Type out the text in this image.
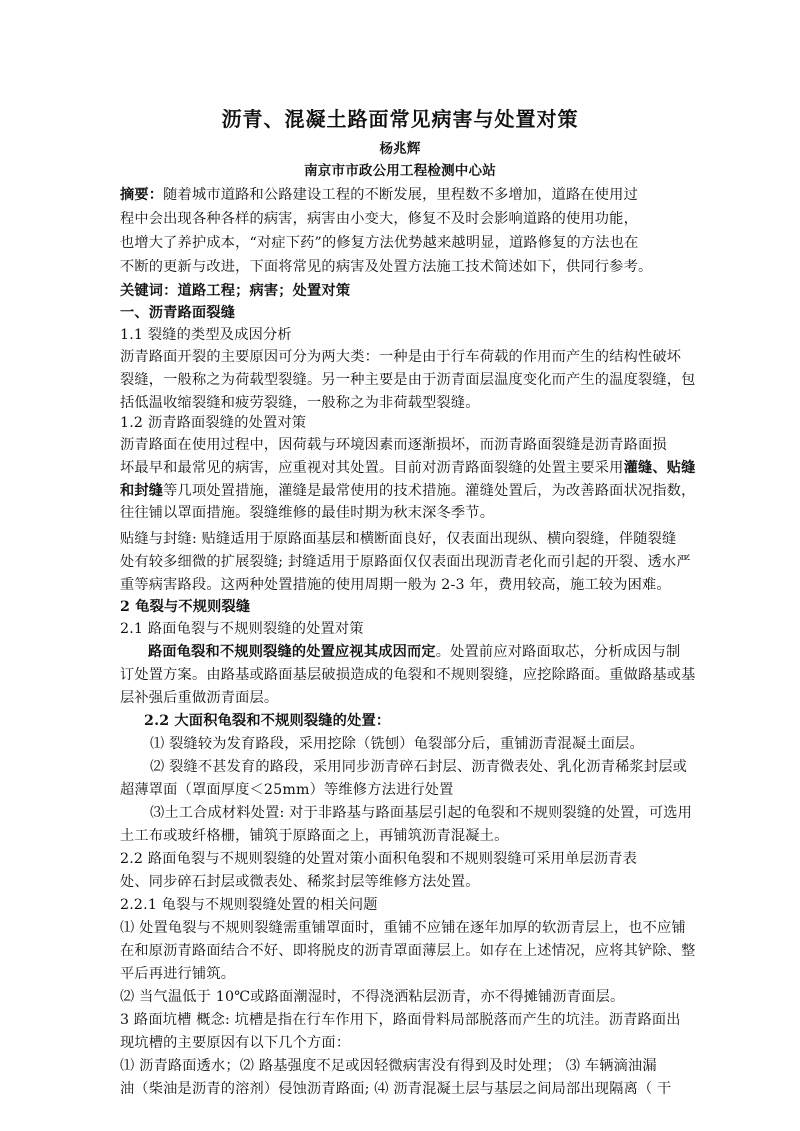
沥青、混凝土路面常见病害与处置对策
杨兆辉
南京市市政公用工程检测中心站
摘要：随着城市道路和公路建设工程的不断发展，里程数不多增加，道路在使用过
程中会出现各种各样的病害，病害由小变大，修复不及时会影响道路的使用功能，
也增大了养护成本，“对症下药”的修复方法优势越来越明显，道路修复的方法也在
不断的更新与改进，下面将常见的病害及处置方法施工技术简述如下，供同行参考。
关键词：道路工程；病害；处置对策
一、沥青路面裂缝
1.1 裂缝的类型及成因分析
沥青路面开裂的主要原因可分为两大类：一种是由于行车荷载的作用而产生的结构性破坏
裂缝，一般称之为荷载型裂缝。另一种主要是由于沥青面层温度变化而产生的温度裂缝，包
括低温收缩裂缝和疲劳裂缝，一般称之为非荷载型裂缝。
1.2 沥青路面裂缝的处置对策
沥青路面在使用过程中，因荷载与环境因素而逐渐损坏，而沥青路面裂缝是沥青路面损
坏最早和最常见的病害，应重视对其处置。目前对沥青路面裂缝的处置主要采用灌缝、贴缝
和封缝等几项处置措施，灌缝是最常使用的技术措施。灌缝处置后，为改善路面状况指数，
往往铺以罩面措施。裂缝维修的最佳时期为秋末深冬季节。
贴缝与封缝: 贴缝适用于原路面基层和横断面良好，仅表面出现纵、横向裂缝，伴随裂缝
处有较多细微的扩展裂缝; 封缝适用于原路面仅仅表面出现沥青老化而引起的开裂、透水严
重等病害路段。这两种处置措施的使用周期一般为 2-3 年，费用较高，施工较为困难。
2 龟裂与不规则裂缝
2.1 路面龟裂与不规则裂缝的处置对策
路面龟裂和不规则裂缝的处置应视其成因而定。处置前应对路面取芯，分析成因与制
订处置方案。由路基或路面基层破损造成的龟裂和不规则裂缝，应挖除路面。重做路基或基
层补强后重做沥青面层。
2.2 大面积龟裂和不规则裂缝的处置：
⑴ 裂缝较为发育路段，采用挖除（铣刨）龟裂部分后，重铺沥青混凝土面层。
⑵ 裂缝不甚发育的路段，采用同步沥青碎石封层、沥青微表处、乳化沥青稀浆封层或
超薄罩面（罩面厚度＜25mm）等维修方法进行处置
⑶土工合成材料处置: 对于非路基与路面基层引起的龟裂和不规则裂缝的处置，可选用
土工布或玻纤格栅，铺筑于原路面之上，再铺筑沥青混凝土。
2.2 路面龟裂与不规则裂缝的处置对策小面积龟裂和不规则裂缝可采用单层沥青表
处、同步碎石封层或微表处、稀浆封层等维修方法处置。
2.2.1 龟裂与不规则裂缝处置的相关问题
⑴ 处置龟裂与不规则裂缝需重铺罩面时，重铺不应铺在逐年加厚的软沥青层上，也不应铺
在和原沥青路面结合不好、即将脱皮的沥青罩面薄层上。如存在上述情况，应将其铲除、整
平后再进行铺筑。
⑵ 当气温低于 10℃或路面潮湿时，不得浇洒粘层沥青，亦不得摊铺沥青面层。
3 路面坑槽 概念: 坑槽是指在行车作用下，路面骨料局部脱落而产生的坑洼。沥青路面出
现坑槽的主要原因有以下几个方面：
⑴ 沥青路面透水；⑵ 路基强度不足或因轻微病害没有得到及时处理； ⑶ 车辆滴油漏
油（柴油是沥青的溶剂）侵蚀沥青路面; ⑷ 沥青混凝土层与基层之间局部出现隔离（ 干
